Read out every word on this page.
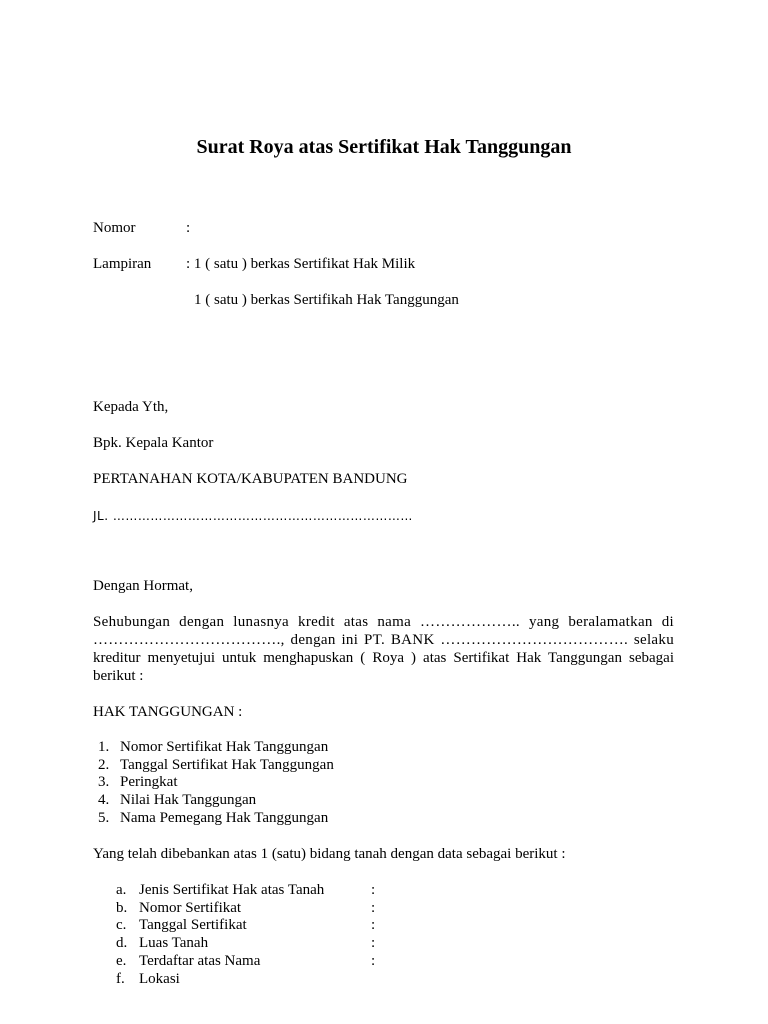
Surat Roya atas Sertifikat Hak Tanggungan
Nomor	:
Lampiran : 1 ( satu ) berkas Sertifikat Hak Milik
1 ( satu ) berkas Sertifikah Hak Tanggungan
Kepada Yth,
Bpk. Kepala Kantor
PERTANAHAN KOTA/KABUPATEN BANDUNG
JL. ………………………………………………………………
Dengan Hormat,
Sehubungan dengan lunasnya kredit atas nama ……………….. yang beralamatkan di
………………………………., dengan ini PT. BANK ………………………………. selaku
kreditur menyetujui untuk menghapuskan ( Roya ) atas Sertifikat Hak Tanggungan sebagai
berikut :
HAK TANGGUNGAN :
1. Nomor Sertifikat Hak Tanggungan
2. Tanggal Sertifikat Hak Tanggungan
3. Peringkat
4. Nilai Hak Tanggungan
5. Nama Pemegang Hak Tanggungan
Yang telah dibebankan atas 1 (satu) bidang tanah dengan data sebagai berikut :
a. Jenis Sertifikat Hak atas Tanah	:
b. Nomor Sertifikat	:
c. Tanggal Sertifikat	:
d. Luas Tanah	:
e. Terdaftar atas Nama	:
f. Lokasi
